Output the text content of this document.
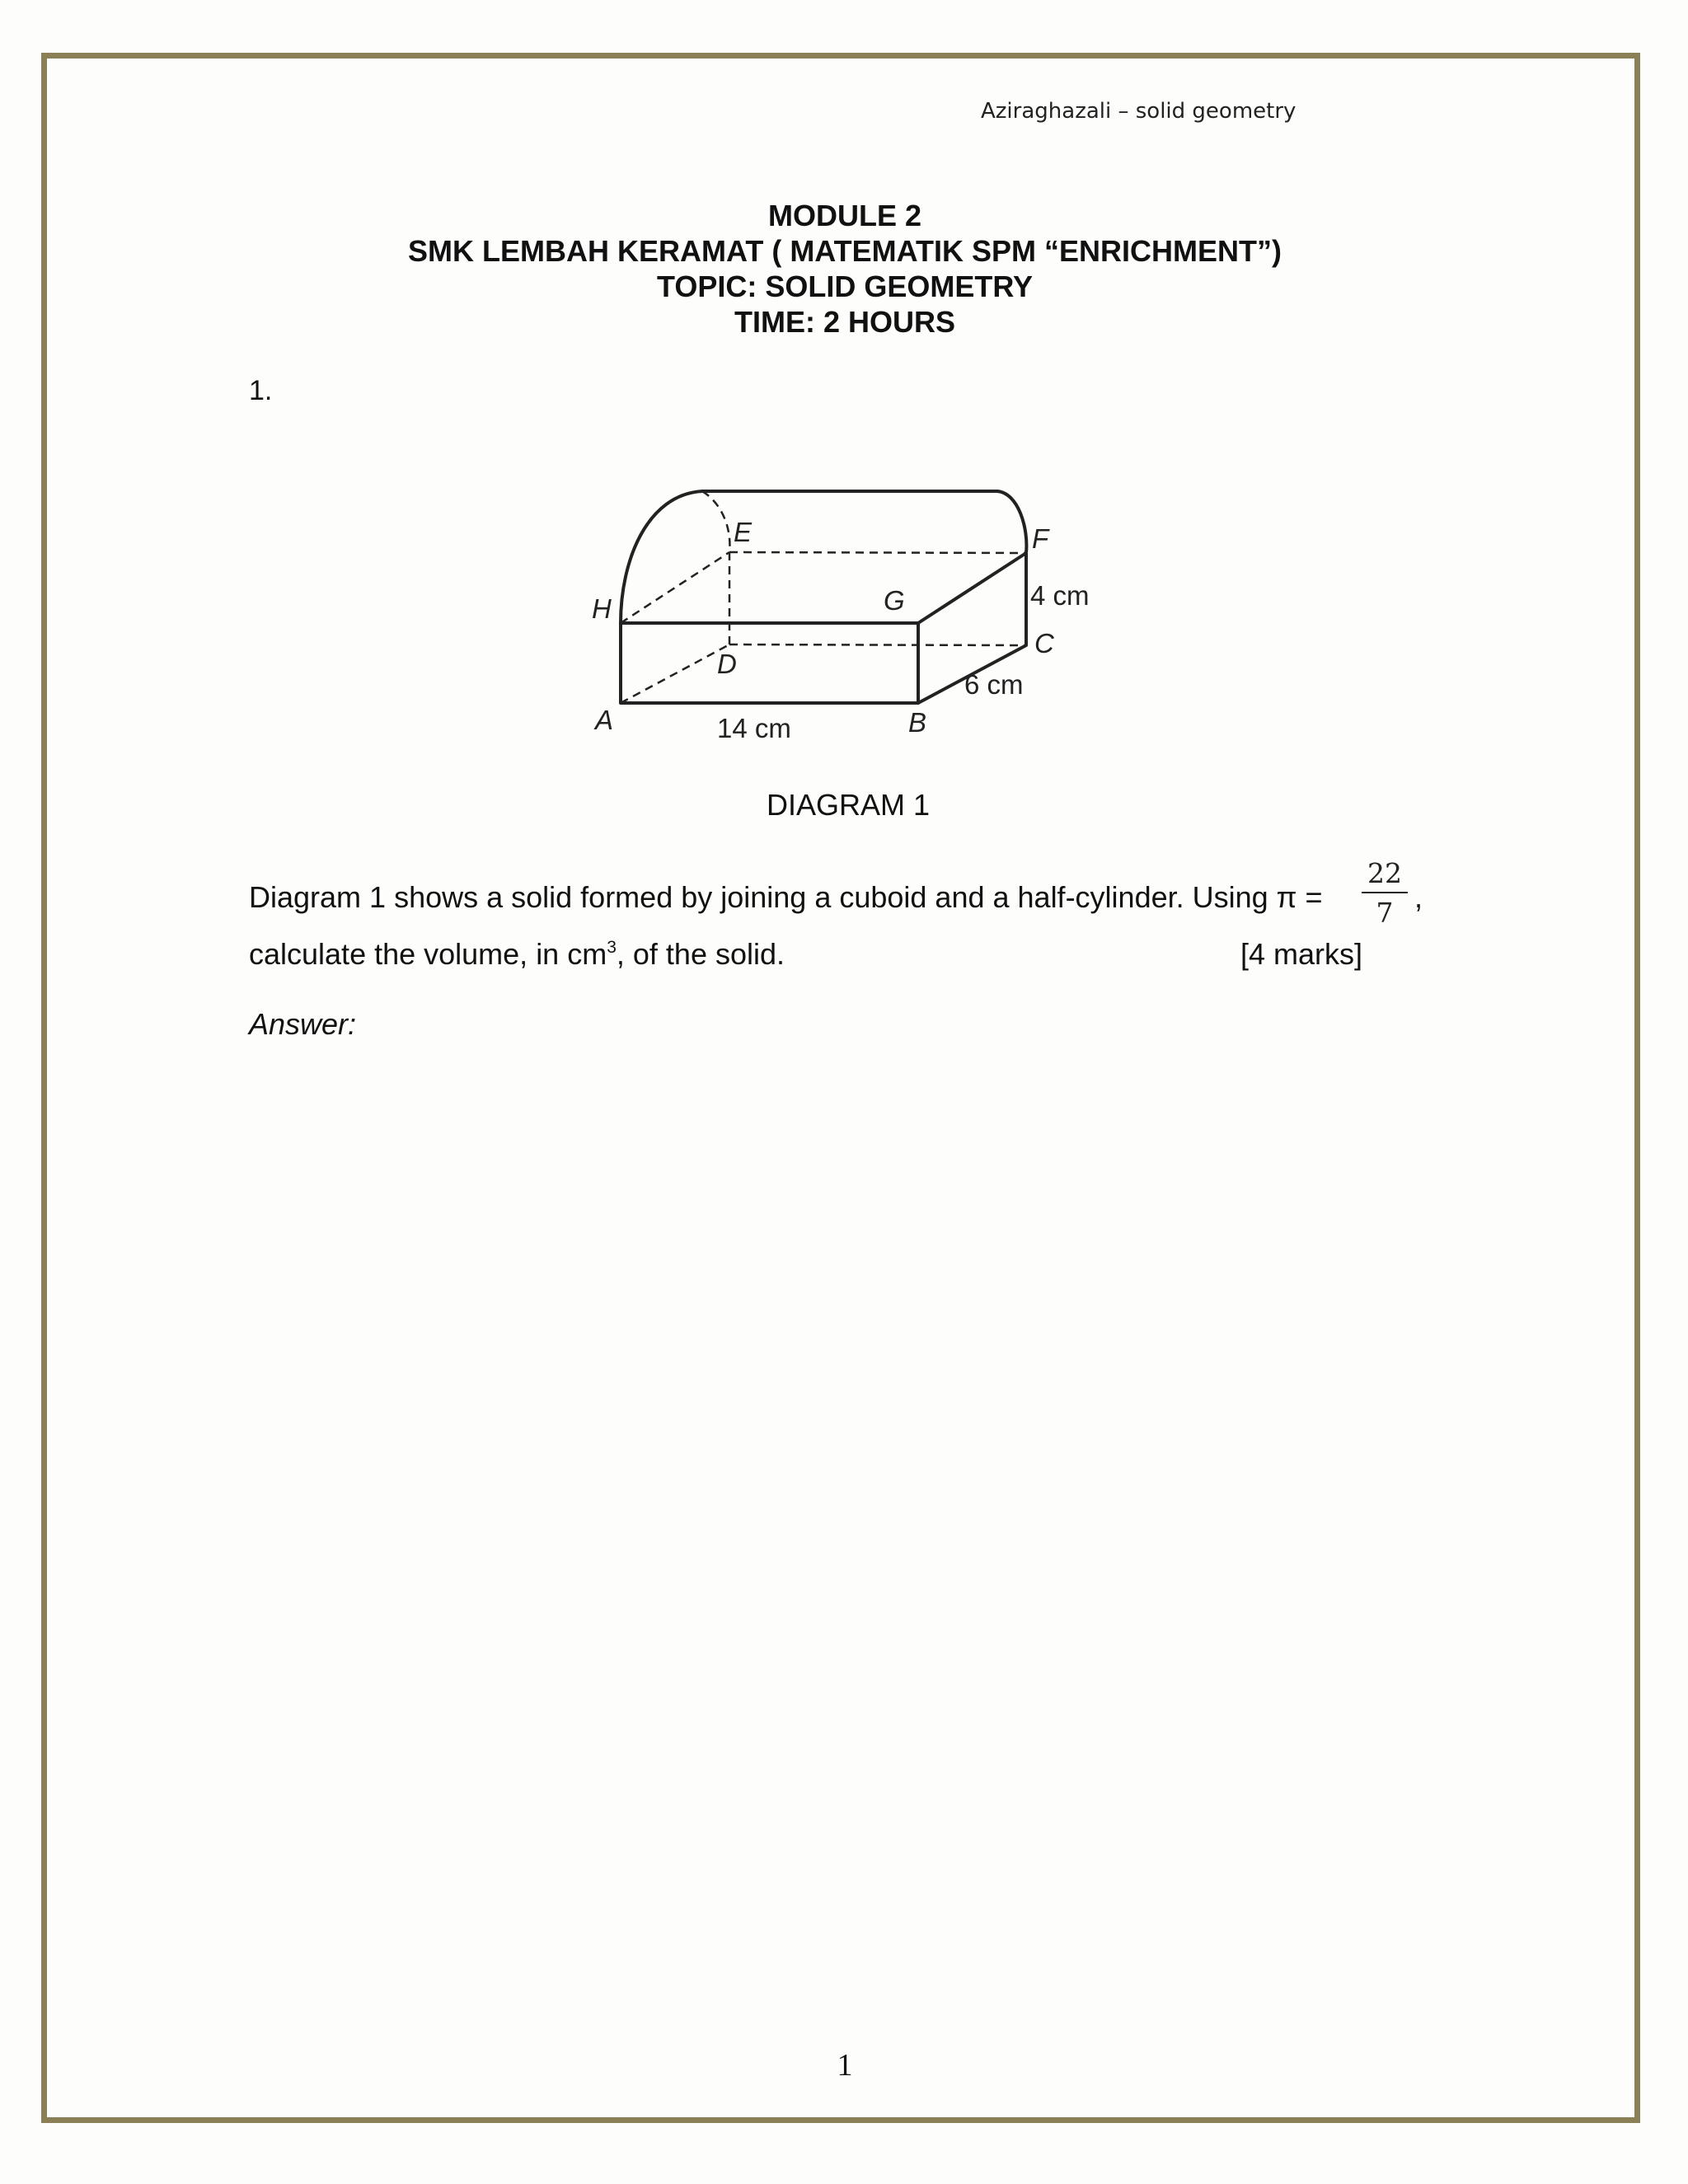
Aziraghazali – solid geometry
MODULE 2
SMK LEMBAH KERAMAT ( MATEMATIK SPM “ENRICHMENT”)
TOPIC: SOLID GEOMETRY
TIME: 2 HOURS
1.
E	F
H	G
D
C
A	B
4 cm
6 cm
14 cm
DIAGRAM 1
Diagram 1 shows a solid formed by joining a cuboid and a half-cylinder. Using π =
22
7 ,
calculate the volume, in $cm^3$, of the solid.	[4 marks]
Answer:
1
